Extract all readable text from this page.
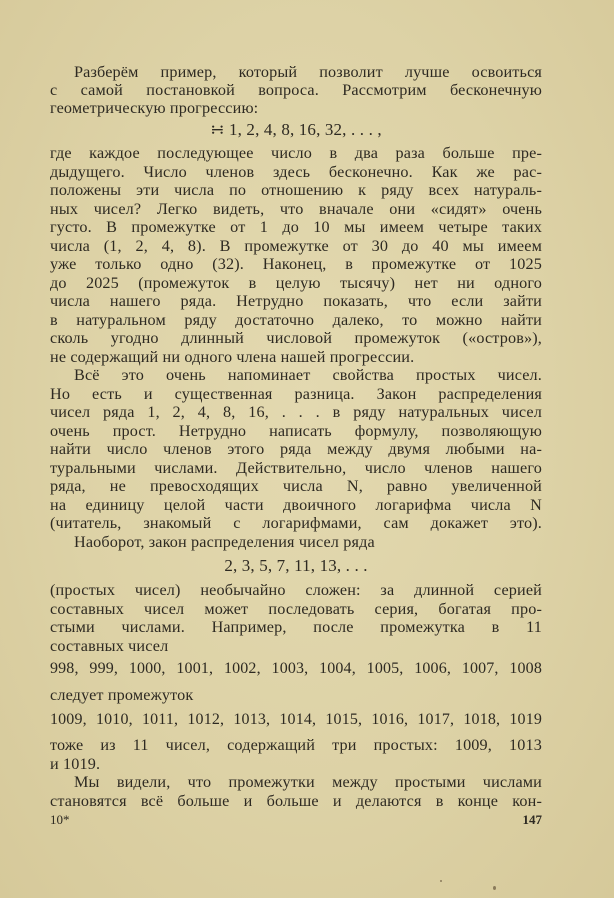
Разберём пример, который позволит лучше освоиться
с самой постановкой вопроса. Рассмотрим бесконечную
геометрическую прогрессию:
∺ 1, 2, 4, 8, 16, 32, . . . ,
где каждое последующее число в два раза больше пре-
дыдущего. Число членов здесь бесконечно. Как же рас-
положены эти числа по отношению к ряду всех натураль-
ных чисел? Легко видеть, что вначале они «сидят» очень
густо. В промежутке от 1 до 10 мы имеем четыре таких
числа (1, 2, 4, 8). В промежутке от 30 до 40 мы имеем
уже только одно (32). Наконец, в промежутке от 1025
до 2025 (промежуток в целую тысячу) нет ни одного
числа нашего ряда. Нетрудно показать, что если зайти
в натуральном ряду достаточно далеко, то можно найти
сколь угодно длинный числовой промежуток («остров»),
не содержащий ни одного члена нашей прогрессии.
Всё это очень напоминает свойства простых чисел.
Но есть и существенная разница. Закон распределения
чисел ряда 1, 2, 4, 8, 16, . . . в ряду натуральных чисел
очень прост. Нетрудно написать формулу, позволяющую
найти число членов этого ряда между двумя любыми на-
туральными числами. Действительно, число членов нашего
ряда, не превосходящих числа N, равно увеличенной
на единицу целой части двоичного логарифма числа N
(читатель, знакомый с логарифмами, сам докажет это).
Наоборот, закон распределения чисел ряда
2, 3, 5, 7, 11, 13, . . .
(простых чисел) необычайно сложен: за длинной серией
составных чисел может последовать серия, богатая про-
стыми числами. Например, после промежутка в 11
составных чисел
998, 999, 1000, 1001, 1002, 1003, 1004, 1005, 1006, 1007, 1008
следует промежуток
1009, 1010, 1011, 1012, 1013, 1014, 1015, 1016, 1017, 1018, 1019
тоже из 11 чисел, содержащий три простых: 1009, 1013
и 1019.
Мы видели, что промежутки между простыми числами
становятся всё больше и больше и делаются в конце кон-
10*	147
